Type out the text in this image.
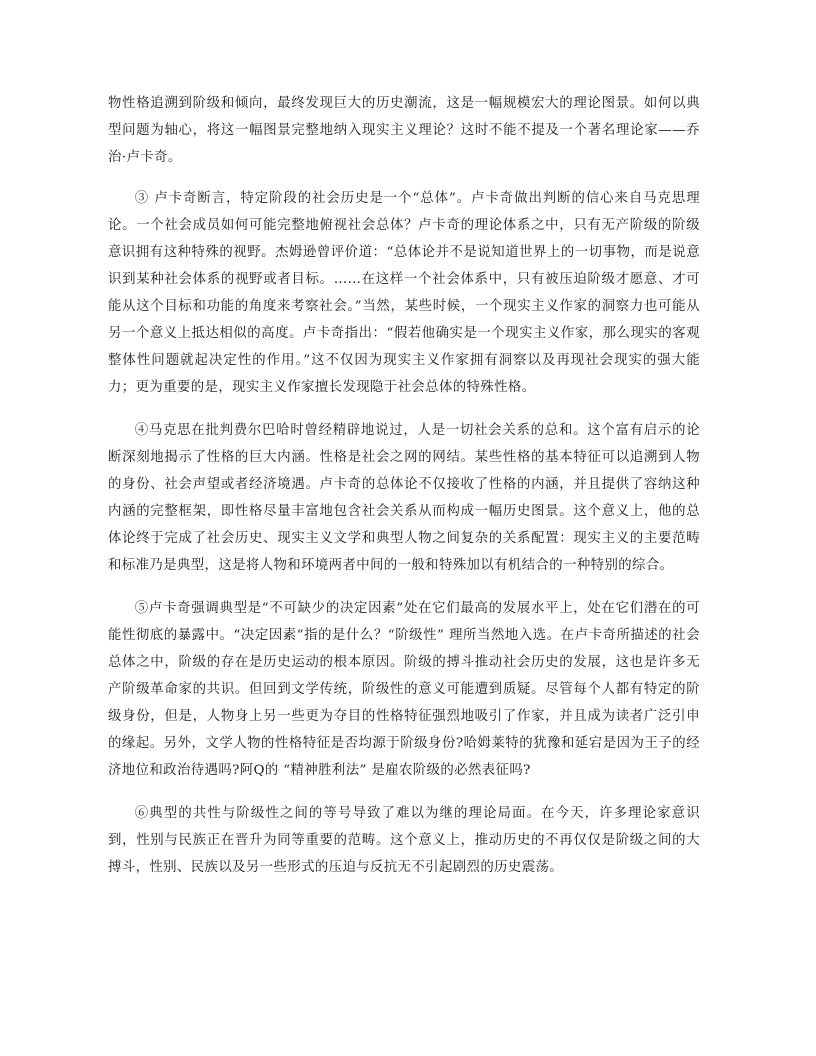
物性格追溯到阶级和倾向，最终发现巨大的历史潮流，这是一幅规模宏大的理论图景。如何以典型问题为轴心，将这一幅图景完整地纳入现实主义理论？这时不能不提及一个著名理论家——乔治·卢卡奇。

③ 卢卡奇断言，特定阶段的社会历史是一个“总体”。卢卡奇做出判断的信心来自马克思理论。一个社会成员如何可能完整地俯视社会总体？卢卡奇的理论体系之中，只有无产阶级的阶级意识拥有这种特殊的视野。杰姆逊曾评价道：“总体论并不是说知道世界上的一切事物，而是说意识到某种社会体系的视野或者目标。……在这样一个社会体系中，只有被压迫阶级才愿意、才可能从这个目标和功能的角度来考察社会。”当然，某些时候，一个现实主义作家的洞察力也可能从另一个意义上抵达相似的高度。卢卡奇指出：“假若他确实是一个现实主义作家，那么现实的客观整体性问题就起决定性的作用。”这不仅因为现实主义作家拥有洞察以及再现社会现实的强大能力；更为重要的是，现实主义作家擅长发现隐于社会总体的特殊性格。

④马克思在批判费尔巴哈时曾经精辟地说过，人是一切社会关系的总和。这个富有启示的论断深刻地揭示了性格的巨大内涵。性格是社会之网的网结。某些性格的基本特征可以追溯到人物的身份、社会声望或者经济境遇。卢卡奇的总体论不仅接收了性格的内涵，并且提供了容纳这种内涵的完整框架，即性格尽量丰富地包含社会关系从而构成一幅历史图景。这个意义上，他的总体论终于完成了社会历史、现实主义文学和典型人物之间复杂的关系配置：现实主义的主要范畴和标准乃是典型，这是将人物和环境两者中间的一般和特殊加以有机结合的一种特别的综合。

⑤卢卡奇强调典型是“不可缺少的决定因素”处在它们最高的发展水平上，处在它们潜在的可能性彻底的暴露中。“决定因素”指的是什么？“阶级性” 理所当然地入选。在卢卡奇所描述的社会总体之中，阶级的存在是历史运动的根本原因。阶级的搏斗推动社会历史的发展，这也是许多无产阶级革命家的共识。但回到文学传统，阶级性的意义可能遭到质疑。尽管每个人都有特定的阶级身份，但是，人物身上另一些更为夺目的性格特征强烈地吸引了作家，并且成为读者广泛引申的缘起。另外，文学人物的性格特征是否均源于阶级身份?哈姆莱特的犹豫和延宕是因为王子的经济地位和政治待遇吗?阿Q的 “精神胜利法” 是雇农阶级的必然表征吗?

⑥典型的共性与阶级性之间的等号导致了难以为继的理论局面。在今天，许多理论家意识到，性别与民族正在晋升为同等重要的范畴。这个意义上，推动历史的不再仅仅是阶级之间的大搏斗，性别、民族以及另一些形式的压迫与反抗无不引起剧烈的历史震荡。
